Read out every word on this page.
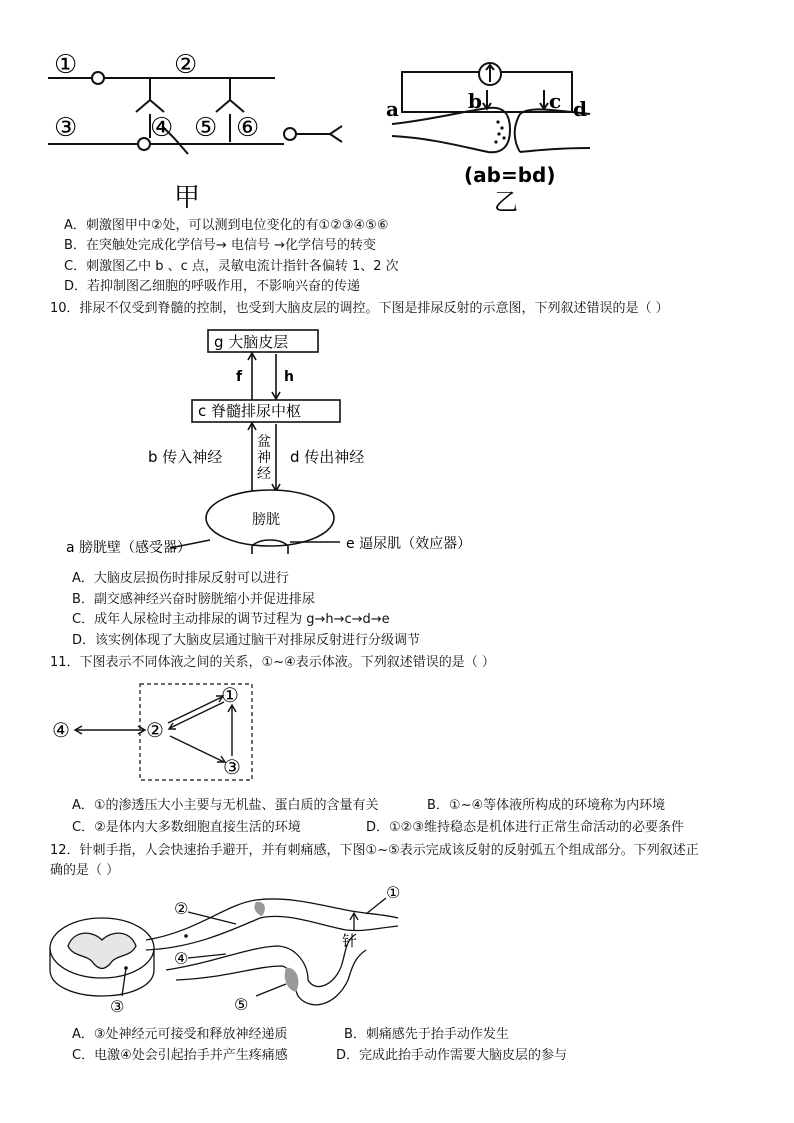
①	②
③	④ ⑤ ⑥
甲
a	b	c d
(ab=bd)
乙
A．刺激图甲中②处，可以测到电位变化的有①②③④⑤⑥
B．在突触处完成化学信号→ 电信号 →化学信号的转变
C．刺激图乙中 b 、c 点，灵敏电流计指针各偏转 1、2 次
D．若抑制图乙细胞的呼吸作用，不影响兴奋的传递
10．排尿不仅受到脊髓的控制，也受到大脑皮层的调控。下图是排尿反射的示意图，下列叙述错误的是（ ）
g 大脑皮层
f	h
c 脊髓排尿中枢
b 传入神经
盆
神
经
d 传出神经
膀胱
a 膀胱壁（感受器）	e 逼尿肌（效应器）
A．大脑皮层损伤时排尿反射可以进行
B．副交感神经兴奋时膀胱缩小并促进排尿
C．成年人尿检时主动排尿的调节过程为 g→h→c→d→e
D．该实例体现了大脑皮层通过脑干对排尿反射进行分级调节
11．下图表示不同体液之间的关系，①~④表示体液。下列叙述错误的是（ ）
①
②
③
④
A．①的渗透压大小主要与无机盐、蛋白质的含量有关	B．①~④等体液所构成的环境称为内环境
C．②是体内大多数细胞直接生活的环境	D．①②③维持稳态是机体进行正常生命活动的必要条件
12．针刺手指，人会快速抬手避开，并有刺痛感，下图①~⑤表示完成该反射的反射弧五个组成部分。下列叙述正
确的是（ ）
①
②
③
④
⑤
针
A．③处神经元可接受和释放神经递质	B．刺痛感先于抬手动作发生
C．电激④处会引起抬手并产生疼痛感	D．完成此抬手动作需要大脑皮层的参与
